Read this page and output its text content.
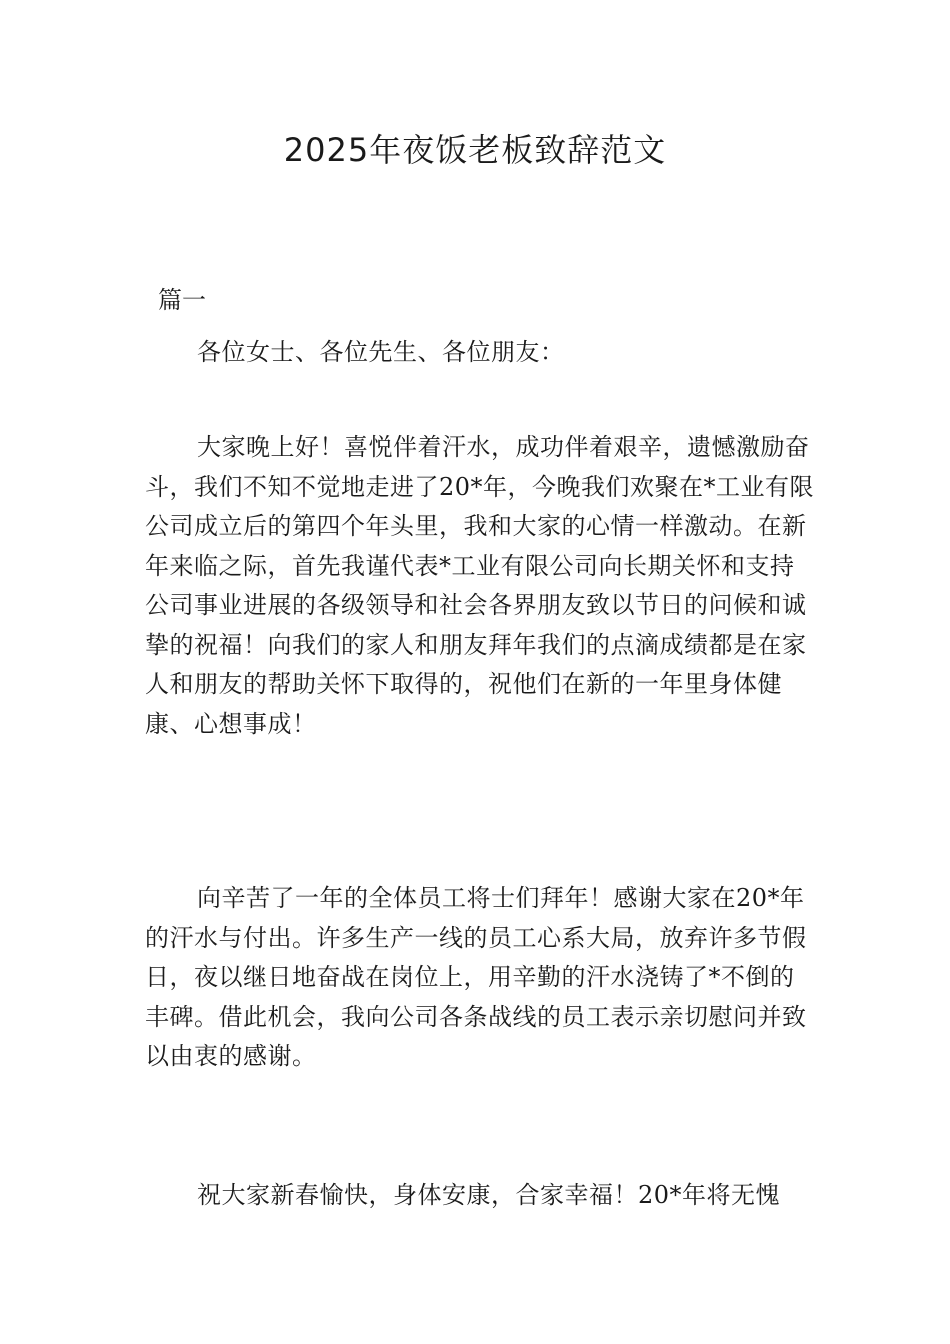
2025年夜饭老板致辞范文
篇一

各位女士、各位先生、各位朋友：

大家晚上好！喜悦伴着汗水，成功伴着艰辛，遗憾激励奋斗，我们不知不觉地走进了20*年，今晚我们欢聚在*工业有限公司成立后的第四个年头里，我和大家的心情一样激动。在新年来临之际，首先我谨代表*工业有限公司向长期关怀和支持公司事业进展的各级领导和社会各界朋友致以节日的问候和诚挚的祝福！向我们的家人和朋友拜年我们的点滴成绩都是在家人和朋友的帮助关怀下取得的，祝他们在新的一年里身体健康、心想事成！

向辛苦了一年的全体员工将士们拜年！感谢大家在20*年的汗水与付出。许多生产一线的员工心系大局，放弃许多节假日，夜以继日地奋战在岗位上，用辛勤的汗水浇铸了*不倒的丰碑。借此机会，我向公司各条战线的员工表示亲切慰问并致以由衷的感谢。

祝大家新春愉快，身体安康，合家幸福！20*年将无愧
